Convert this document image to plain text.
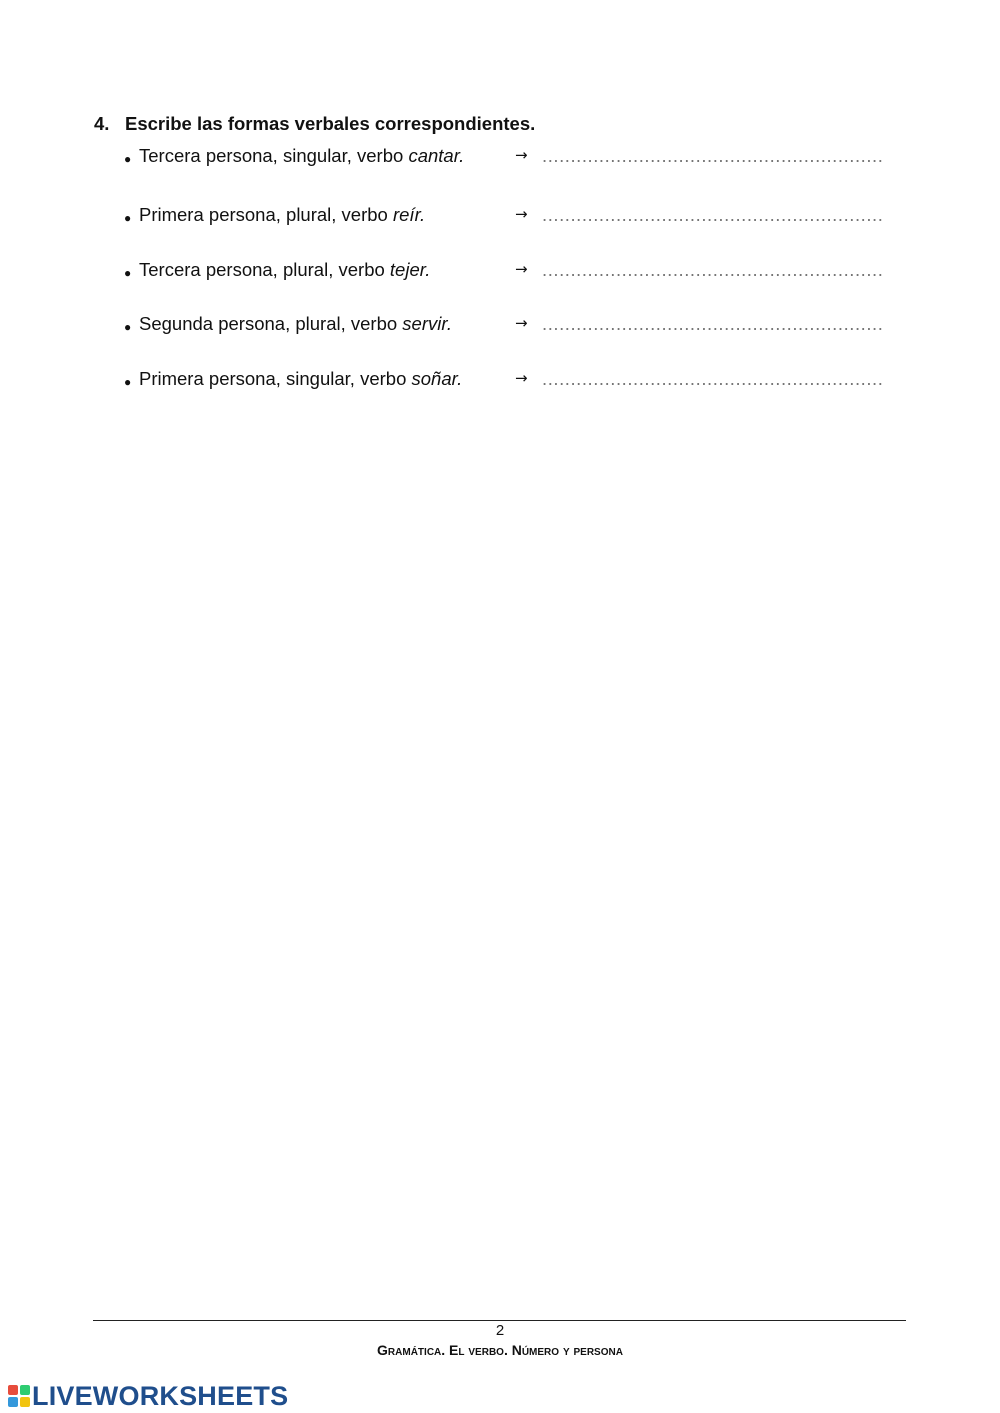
4. Escribe las formas verbales correspondientes.
● Tercera persona, singular, verbo cantar.	→
............................................................
● Primera persona, plural, verbo reír.	→
............................................................
● Tercera persona, plural, verbo tejer.	→
............................................................
● Segunda persona, plural, verbo servir.	→
............................................................
● Primera persona, singular, verbo soñar.	→
............................................................
2
Gramática. El verbo. Número y persona
LIVEWORKSHEETS
